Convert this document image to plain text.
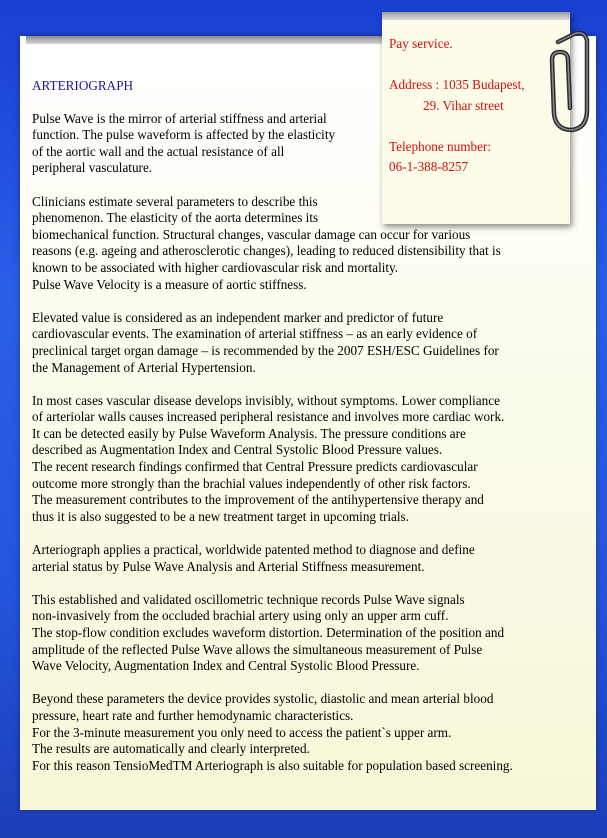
ARTERIOGRAPH
Pulse Wave is the mirror of arterial stiffness and arterial
function. The pulse waveform is affected by the elasticity
of the aortic wall and the actual resistance of all
peripheral vasculature.
Clinicians estimate several parameters to describe this
phenomenon. The elasticity of the aorta determines its
biomechanical function. Structural changes, vascular damage can occur for various
reasons (e.g. ageing and atherosclerotic changes), leading to reduced distensibility that is
known to be associated with higher cardiovascular risk and mortality.
Pulse Wave Velocity is a measure of aortic stiffness.
Elevated value is considered as an independent marker and predictor of future
cardiovascular events. The examination of arterial stiffness – as an early evidence of
preclinical target organ damage – is recommended by the 2007 ESH/ESC Guidelines for
the Management of Arterial Hypertension.
In most cases vascular disease develops invisibly, without symptoms. Lower compliance
of arteriolar walls causes increased peripheral resistance and involves more cardiac work.
It can be detected easily by Pulse Waveform Analysis. The pressure conditions are
described as Augmentation Index and Central Systolic Blood Pressure values.
The recent research findings confirmed that Central Pressure predicts cardiovascular
outcome more strongly than the brachial values independently of other risk factors.
The measurement contributes to the improvement of the antihypertensive therapy and
thus it is also suggested to be a new treatment target in upcoming trials.
Arteriograph applies a practical, worldwide patented method to diagnose and define
arterial status by Pulse Wave Analysis and Arterial Stiffness measurement.
This established and validated oscillometric technique records Pulse Wave signals
non-invasively from the occluded brachial artery using only an upper arm cuff.
The stop-flow condition excludes waveform distortion. Determination of the position and
amplitude of the reflected Pulse Wave allows the simultaneous measurement of Pulse
Wave Velocity, Augmentation Index and Central Systolic Blood Pressure.
Beyond these parameters the device provides systolic, diastolic and mean arterial blood
pressure, heart rate and further hemodynamic characteristics.
For the 3-minute measurement you only need to access the patient`s upper arm.
The results are automatically and clearly interpreted.
For this reason TensioMedTM Arteriograph is also suitable for population based screening.
Pay service.

Address : 1035 Budapest,
29. Vihar street

Telephone number:
06-1-388-8257
